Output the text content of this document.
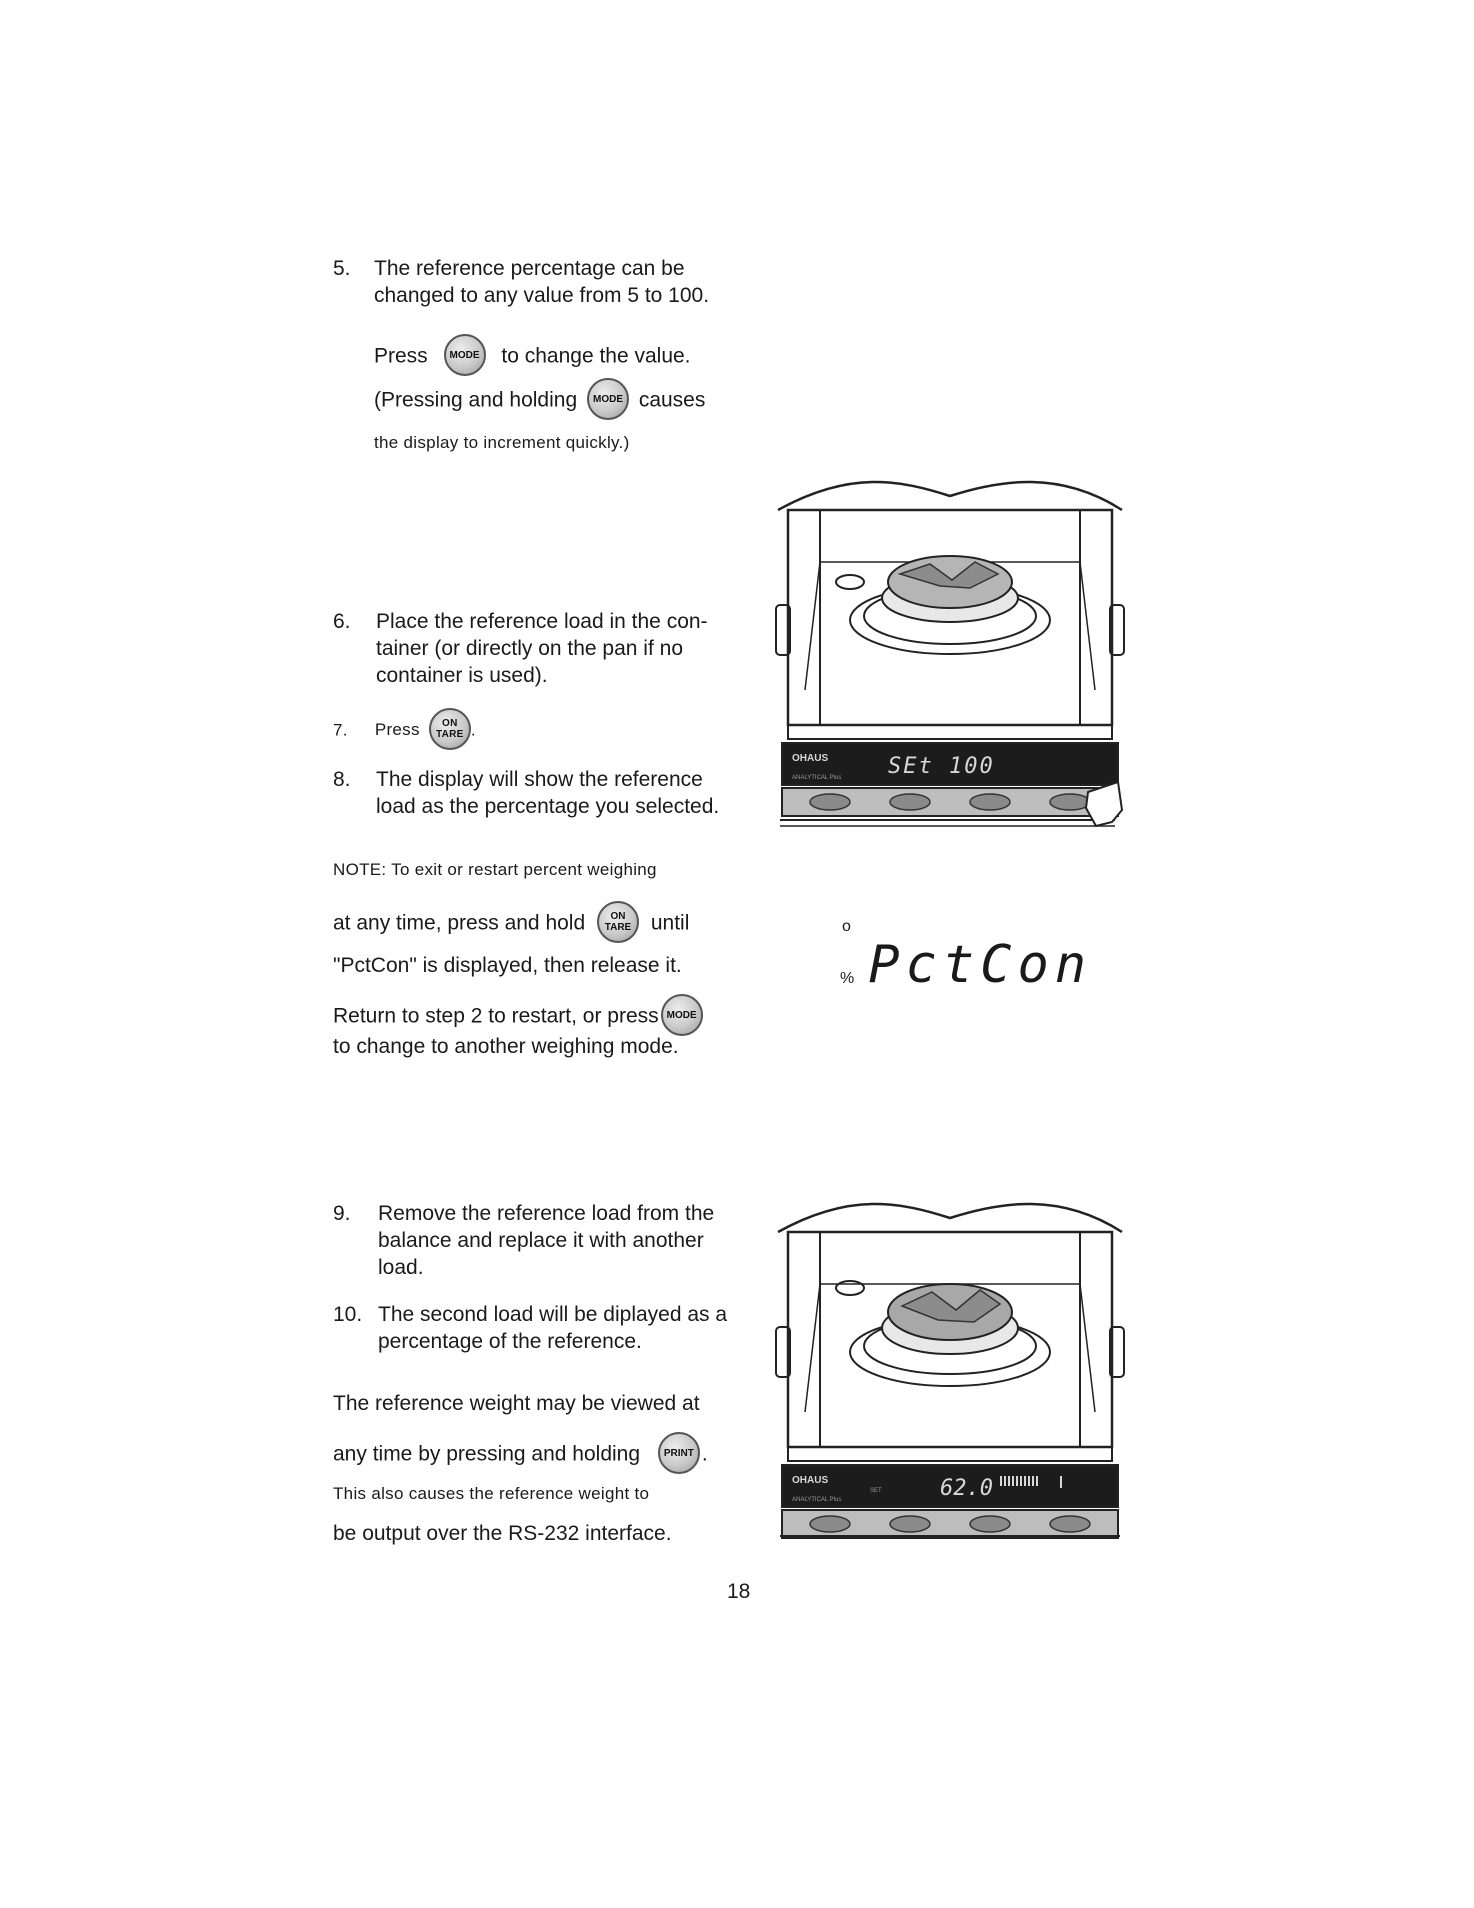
5. The reference percentage can be
changed to any value from 5 to 100.
Press MODE to change the value.
(Pressing and holding MODE causes
the display to increment quickly.)
6. Place the reference load in the con-
tainer (or directly on the pan if no
container is used).
7. Press ON
TARE .
8. The display will show the reference
load as the percentage you selected.
NOTE: To exit or restart percent weighing
at any time, press and hold	ON
TARE until
"PctCon" is displayed, then release it.
Return to step 2 to restart, or press MODE
to change to another weighing mode.
9. Remove the reference load from the
balance and replace it with another
load.
10. The second load will be diplayed as a
percentage of the reference.
The reference weight may be viewed at
any time by pressing and holding PRINT .
This also causes the reference weight to
be output over the RS-232 interface.
OHAUS
ANALYTICAL Plus SEt 100
o
% PctCon
OHAUS
ANALYTICAL Plus
SET	62.0
18
